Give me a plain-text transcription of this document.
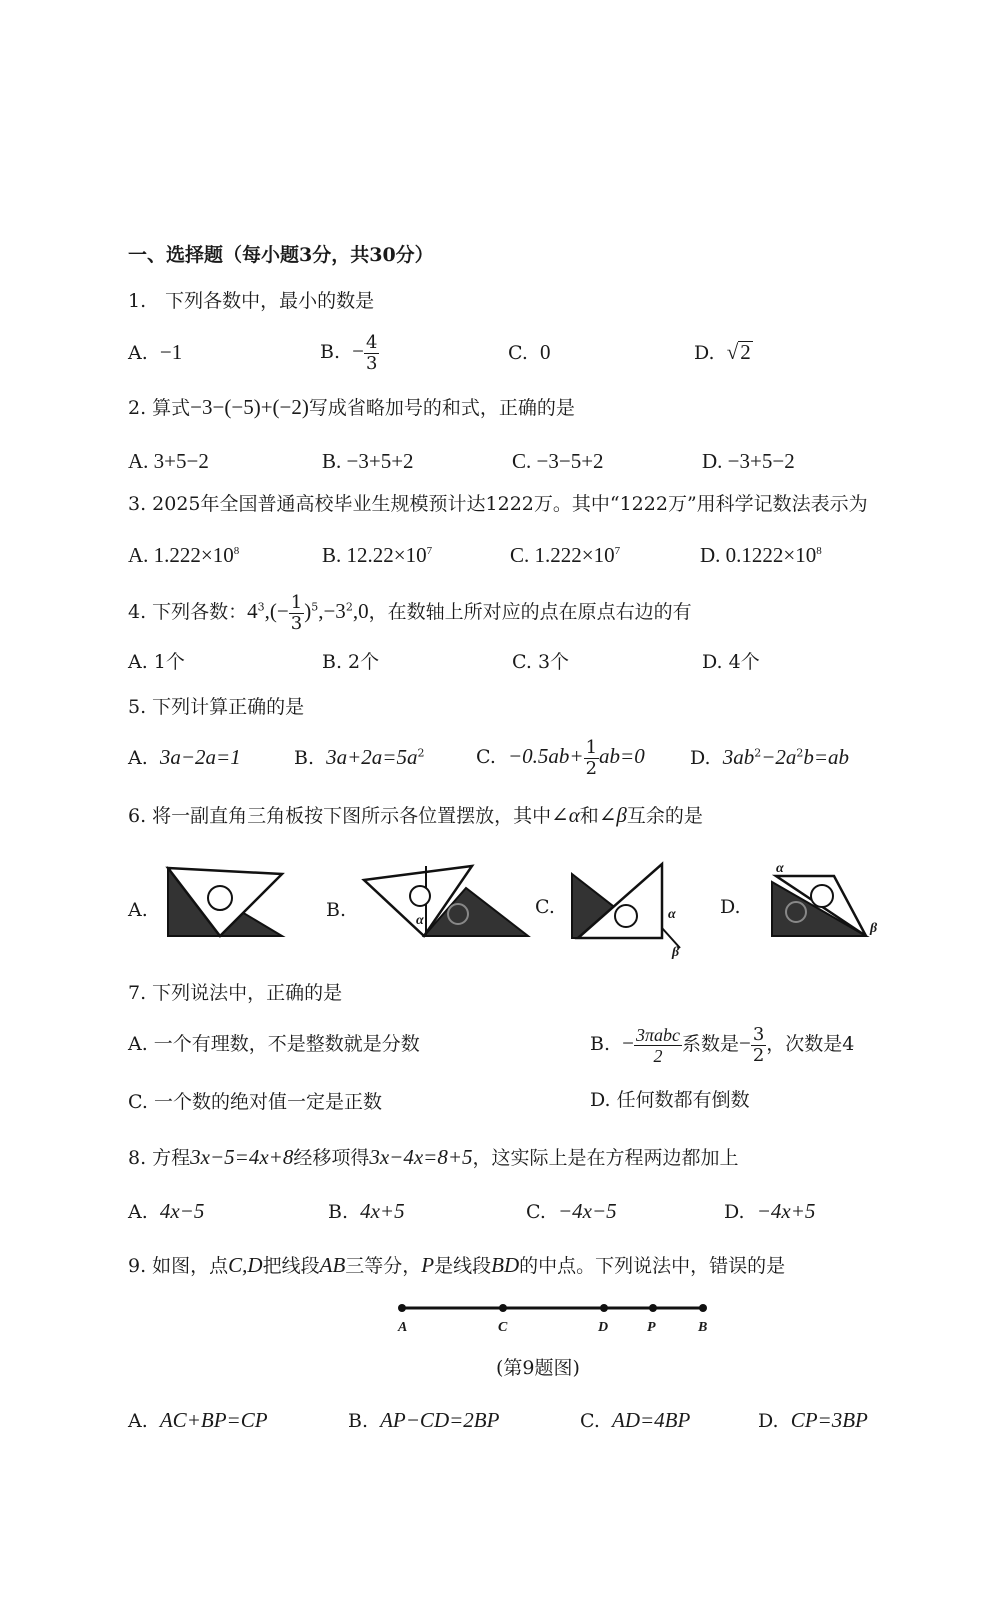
一、选择题（每小题3分，共30分）
1.　下列各数中，最小的数是
A. −1	B. − $\frac{4}{3}$	C. 0	D. √2
2. 算式−3−(−5)+(−2)写成省略加号的和式，正确的是
A. 3+5−2	B. −3+5+2	C. −3−5+2	D. −3+5−2
3. 2025年全国普通高校毕业生规模预计达1222万。其中“1222万”用科学记数法表示为
A. $1.222\times 10^8$	B. $12.22\times 10^7$	C. $1.222\times 10^7$	D. $0.1222\times 10^8$
4. 下列各数：$4^3,(- \frac{1}{3} )^5,-3^2,0$，在数轴上所对应的点在原点右边的有
A. 1个	B. 2个	C. 3个	D. 4个
5. 下列计算正确的是
A. 3a−2a=1	B. $3a+2a=5a^2$	C. $-0.5ab+ \frac{1}{2} ab=0$ D. $3ab^2-2a^2b=ab$
6. 将一副直角三角板按下图所示各位置摆放，其中∠α和∠β互余的是
A.	B.	α
C.	α
β
D.
α
β
7. 下列说法中，正确的是
A. 一个有理数，不是整数就是分数	B. − $\frac{\text{3πabc}}{2}$ 系数是− $\frac{3}{2}$ ，次数是4
C. 一个数的绝对值一定是正数	D. 任何数都有倒数
8. 方程3x−5=4x+8经移项得3x−4x=8+5，这实际上是在方程两边都加上
A. 4x−5	B. 4x+5	C. −4x−5	D. −4x+5
9. 如图，点C,D把线段AB三等分，P是线段BD的中点。下列说法中，错误的是
A	C	D	P	B
(第9题图)
A. AC+BP=CP	B. AP−CD=2BP	C. AD=4BP	D. CP=3BP
